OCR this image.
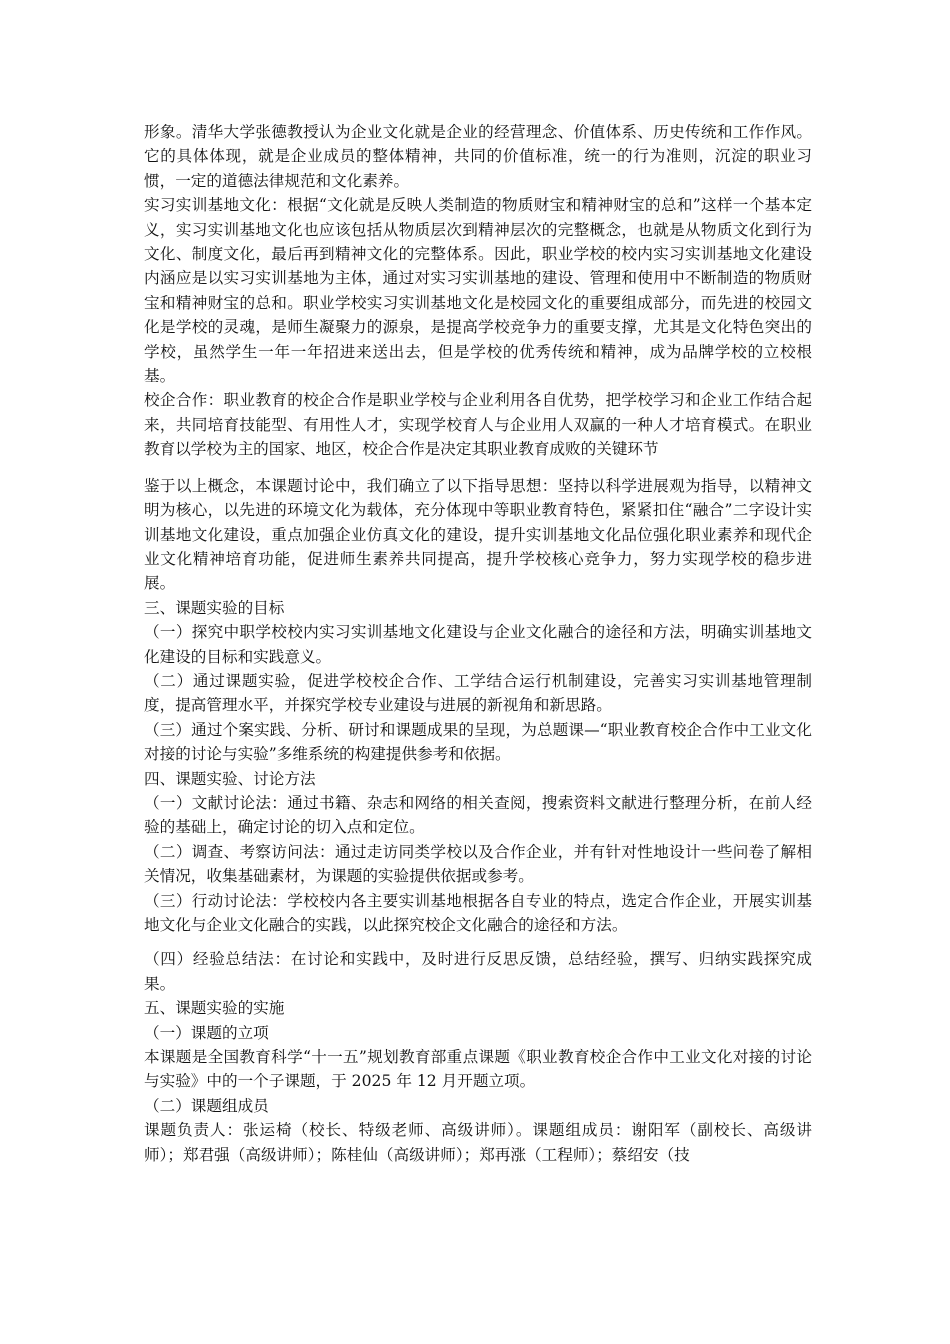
形象。清华大学张德教授认为企业文化就是企业的经营理念、价值体系、历史传统和工作作风。它的具体体现，就是企业成员的整体精神，共同的价值标准，统一的行为准则，沉淀的职业习惯，一定的道德法律规范和文化素养。

实习实训基地文化：根据“文化就是反映人类制造的物质财宝和精神财宝的总和”这样一个基本定义，实习实训基地文化也应该包括从物质层次到精神层次的完整概念，也就是从物质文化到行为文化、制度文化，最后再到精神文化的完整体系。因此，职业学校的校内实习实训基地文化建设内涵应是以实习实训基地为主体，通过对实习实训基地的建设、管理和使用中不断制造的物质财宝和精神财宝的总和。职业学校实习实训基地文化是校园文化的重要组成部分，而先进的校园文化是学校的灵魂，是师生凝聚力的源泉，是提高学校竞争力的重要支撑，尤其是文化特色突出的学校，虽然学生一年一年招进来送出去，但是学校的优秀传统和精神，成为品牌学校的立校根基。

校企合作：职业教育的校企合作是职业学校与企业利用各自优势，把学校学习和企业工作结合起来，共同培育技能型、有用性人才，实现学校育人与企业用人双赢的一种人才培育模式。在职业教育以学校为主的国家、地区，校企合作是决定其职业教育成败的关键环节

鉴于以上概念，本课题讨论中，我们确立了以下指导思想：坚持以科学进展观为指导，以精神文明为核心，以先进的环境文化为载体，充分体现中等职业教育特色，紧紧扣住“融合”二字设计实训基地文化建设，重点加强企业仿真文化的建设，提升实训基地文化品位强化职业素养和现代企业文化精神培育功能，促进师生素养共同提高，提升学校核心竞争力，努力实现学校的稳步进展。

三、课题实验的目标

（一）探究中职学校校内实习实训基地文化建设与企业文化融合的途径和方法，明确实训基地文化建设的目标和实践意义。

（二）通过课题实验，促进学校校企合作、工学结合运行机制建设，完善实习实训基地管理制度，提高管理水平，并探究学校专业建设与进展的新视角和新思路。

（三）通过个案实践、分析、研讨和课题成果的呈现，为总题课—“职业教育校企合作中工业文化对接的讨论与实验”多维系统的构建提供参考和依据。

四、课题实验、讨论方法

（一）文献讨论法：通过书籍、杂志和网络的相关查阅，搜索资料文献进行整理分析，在前人经验的基础上，确定讨论的切入点和定位。

（二）调查、考察访问法：通过走访同类学校以及合作企业，并有针对性地设计一些问卷了解相关情况，收集基础素材，为课题的实验提供依据或参考。

（三）行动讨论法：学校校内各主要实训基地根据各自专业的特点，选定合作企业，开展实训基地文化与企业文化融合的实践，以此探究校企文化融合的途径和方法。

（四）经验总结法：在讨论和实践中，及时进行反思反馈，总结经验，撰写、归纳实践探究成果。

五、课题实验的实施

（一）课题的立项

本课题是全国教育科学“十一五”规划教育部重点课题《职业教育校企合作中工业文化对接的讨论与实验》中的一个子课题，于 2025 年 12 月开题立项。

（二）课题组成员

课题负责人：张运椅（校长、特级老师、高级讲师）。课题组成员：谢阳军（副校长、高级讲师）；郑君强（高级讲师）；陈桂仙（高级讲师）；郑再涨（工程师）；蔡绍安（技
